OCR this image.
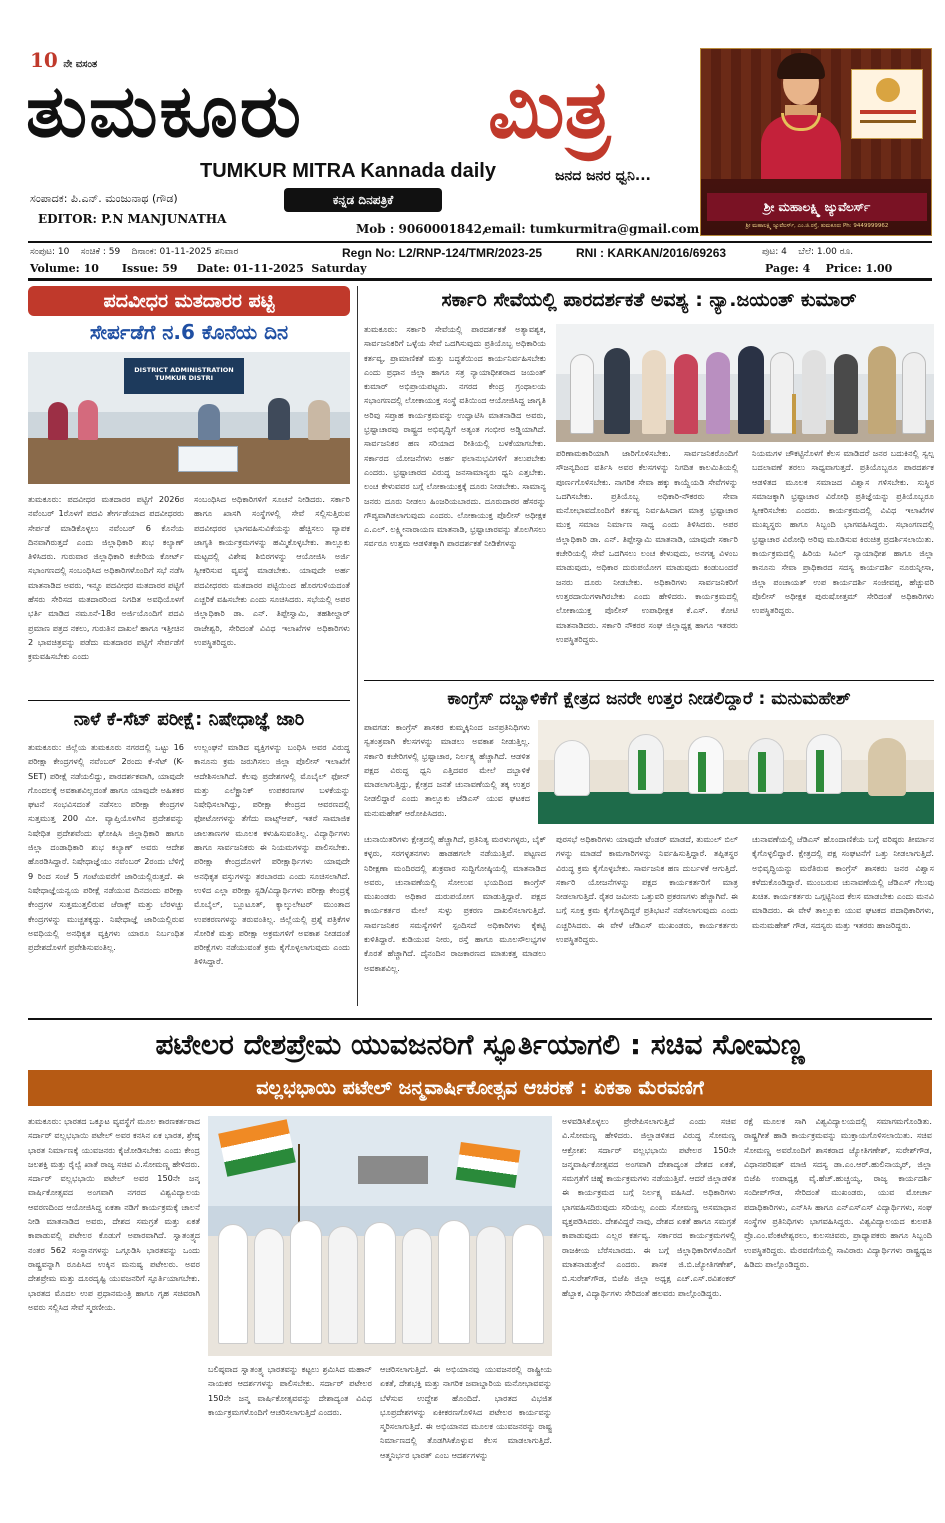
10 ನೇ ವಸಂತ
ತುಮಕೂರು ಮಿತ್ರ
TUMKUR MITRA Kannada daily	ಜನದ ಜನರ ಧ್ವನಿ...
ಸಂಪಾದಕ: ಪಿ.ಎನ್. ಮಂಜುನಾಥ (ಗೌಡ)	ಕನ್ನಡ ದಿನಪತ್ರಿಕೆ
EDITOR: P.N MANJUNATHA
Mob : 9060001842,
email: tumkurmitra@gmail.com
ಶ್ರೀ ಮಹಾಲಕ್ಷ್ಮಿ ಜ್ಯುವೆಲರ್ಸ್
ಶ್ರೀ ಮಹಾಲಕ್ಷ್ಮಿ ಜ್ಯುವೆಲರ್ಸ್, ಎಂ.ಜಿ.ರಸ್ತೆ, ತುಮಕೂರು Ph: 9449999962
ಸಂಪುಟ: 10    ಸಂಚಿಕೆ : 59    ದಿನಾಂಕ: 01-11-2025 ಶನಿವಾರ	Regn No: L2/RNP-124/TMR/2023-25	RNI : KARKAN/2016/69263	ಪುಟ: 4    ಬೆಲೆ: 1.00 ರೂ.
Volume: 10      Issue: 59     Date: 01-11-2025  Saturday	Page: 4    Price: 1.00
ಪದವೀಧರ ಮತದಾರರ ಪಟ್ಟಿ
ಸೇರ್ಪಡೆಗೆ ನ.6 ಕೊನೆಯ ದಿನ
DISTRICT ADMINISTRATION
TUMKUR DISTRI
ತುಮಕೂರು: ಪದವೀಧರ ಮತದಾರರ ಪಟ್ಟಿಗೆ 2026ರ ನವೆಂಬರ್ 1ರೊಳಗೆ ಪದವಿ ತೇರ್ಗಡೆಯಾದ ಪದವೀಧರರು ಸೇರ್ಪಡೆ ಮಾಡಿಕೊಳ್ಳಲು ನವೆಂಬರ್ 6 ಕೊನೆಯ ದಿನವಾಗಿರುತ್ತದೆ ಎಂದು ಜಿಲ್ಲಾಧಿಕಾರಿ ಶುಭ ಕಲ್ಯಾಣ್ ತಿಳಿಸಿದರು. ಗುರುವಾರ ಜಿಲ್ಲಾಧಿಕಾರಿ ಕಚೇರಿಯ ಕೋರ್ಟ್ ಸಭಾಂಗಣದಲ್ಲಿ ಸಂಬಂಧಿಸಿದ ಅಧಿಕಾರಿಗಳೊಂದಿಗೆ ಸಭೆ ನಡೆಸಿ ಮಾತನಾಡಿದ ಅವರು, ಇನ್ನೂ ಪದವೀಧರ ಮತದಾರರ ಪಟ್ಟಿಗೆ ಹೆಸರು ಸೇರಿಸದ ಮತದಾರರಿಂದ ನಿಗದಿತ ಅವಧಿಯೊಳಗೆ ಭರ್ತಿ ಮಾಡಿದ ನಮೂನೆ-18ರ ಅರ್ಜಿಯೊಂದಿಗೆ ಪದವಿ ಪ್ರಮಾಣ ಪತ್ರದ ನಕಲು, ಗುರುತಿನ ದಾಖಲೆ ಹಾಗೂ ಇತ್ತೀಚಿನ 2 ಭಾವಚಿತ್ರವನ್ನು ಪಡೆದು ಮತದಾರರ ಪಟ್ಟಿಗೆ ಸೇರ್ಪಡೆಗೆ ಕ್ರಮವಹಿಸಬೇಕು ಎಂದು
ಸಂಬಂಧಿಸಿದ ಅಧಿಕಾರಿಗಳಿಗೆ ಸೂಚನೆ ನೀಡಿದರು. ಸರ್ಕಾರಿ ಹಾಗೂ ಖಾಸಗಿ ಸಂಸ್ಥೆಗಳಲ್ಲಿ ಸೇವೆ ಸಲ್ಲಿಸುತ್ತಿರುವ ಪದವೀಧರರ ಭಾಗವಹಿಸುವಿಕೆಯನ್ನು ಹೆಚ್ಚಿಸಲು ವ್ಯಾಪಕ ಜಾಗೃತಿ ಕಾರ್ಯಕ್ರಮಗಳನ್ನು ಹಮ್ಮಿಕೊಳ್ಳಬೇಕು. ತಾಲ್ಲೂಕು ಮಟ್ಟದಲ್ಲಿ ವಿಶೇಷ ಶಿಬಿರಗಳನ್ನು ಆಯೋಜಿಸಿ ಅರ್ಜಿ ಸ್ವೀಕರಿಸುವ ವ್ಯವಸ್ಥೆ ಮಾಡಬೇಕು. ಯಾವುದೇ ಅರ್ಹ ಪದವೀಧರರು ಮತದಾರರ ಪಟ್ಟಿಯಿಂದ ಹೊರಗುಳಿಯದಂತೆ ಎಚ್ಚರಿಕೆ ವಹಿಸಬೇಕು ಎಂದು ಸೂಚಿಸಿದರು. ಸಭೆಯಲ್ಲಿ ಅಪರ ಜಿಲ್ಲಾಧಿಕಾರಿ ಡಾ. ಎನ್. ತಿಪ್ಪೇಸ್ವಾಮಿ, ತಹಶೀಲ್ದಾರ್ ರಾಜೇಶ್ವರಿ, ಸೇರಿದಂತೆ ವಿವಿಧ ಇಲಾಖೆಗಳ ಅಧಿಕಾರಿಗಳು ಉಪಸ್ಥಿತರಿದ್ದರು.
ಸರ್ಕಾರಿ ಸೇವೆಯಲ್ಲಿ ಪಾರದರ್ಶಕತೆ ಅವಶ್ಯ : ನ್ಯಾ.ಜಯಂತ್ ಕುಮಾರ್
ತುಮಕೂರು: ಸರ್ಕಾರಿ ಸೇವೆಯಲ್ಲಿ ಪಾರದರ್ಶಕತೆ ಅತ್ಯಾವಶ್ಯಕ, ಸಾರ್ವಜನಿಕರಿಗೆ ಒಳ್ಳೆಯ ಸೇವೆ ಒದಗಿಸುವುದು ಪ್ರತಿಯೊಬ್ಬ ಅಧಿಕಾರಿಯ ಕರ್ತವ್ಯ, ಪ್ರಾಮಾಣಿಕತೆ ಮತ್ತು ಬದ್ಧತೆಯಿಂದ ಕಾರ್ಯನಿರ್ವಹಿಸಬೇಕು ಎಂದು ಪ್ರಧಾನ ಜಿಲ್ಲಾ ಹಾಗೂ ಸತ್ರ ನ್ಯಾಯಾಧೀಶರಾದ ಜಯಂತ್ ಕುಮಾರ್ ಅಭಿಪ್ರಾಯಪಟ್ಟರು. ನಗರದ ಕೇಂದ್ರ ಗ್ರಂಥಾಲಯ ಸಭಾಂಗಣದಲ್ಲಿ ಲೋಕಾಯುಕ್ತ ಸಂಸ್ಥೆ ವತಿಯಿಂದ ಆಯೋಜಿಸಿದ್ದ ಜಾಗೃತಿ ಅರಿವು ಸಪ್ತಾಹ ಕಾರ್ಯಕ್ರಮವನ್ನು ಉದ್ಘಾಟಿಸಿ ಮಾತನಾಡಿದ ಅವರು, ಭ್ರಷ್ಟಾಚಾರವು ರಾಷ್ಟ್ರದ ಅಭಿವೃದ್ಧಿಗೆ ಅತ್ಯಂತ ಗಂಭೀರ ಅಡ್ಡಿಯಾಗಿದೆ. ಸಾರ್ವಜನಿಕರ ಹಣ ಸರಿಯಾದ ರೀತಿಯಲ್ಲಿ ಬಳಕೆಯಾಗಬೇಕು. ಸರ್ಕಾರದ ಯೋಜನೆಗಳು ಅರ್ಹ ಫಲಾನುಭವಿಗಳಿಗೆ ತಲುಪಬೇಕು ಎಂದರು. ಭ್ರಷ್ಟಾಚಾರದ ವಿರುದ್ಧ ಜನಸಾಮಾನ್ಯರು ಧ್ವನಿ ಎತ್ತಬೇಕು. ಲಂಚ ಕೇಳುವವರ ಬಗ್ಗೆ ಲೋಕಾಯುಕ್ತಕ್ಕೆ ದೂರು ನೀಡಬೇಕು. ಸಾಮಾನ್ಯ ಜನರು ದೂರು ನೀಡಲು ಹಿಂಜರಿಯಬಾರದು. ದೂರುದಾರರ ಹೆಸರನ್ನು ಗೌಪ್ಯವಾಗಿಡಲಾಗುವುದು ಎಂದರು. ಲೋಕಾಯುಕ್ತ ಪೊಲೀಸ್ ಅಧೀಕ್ಷಕ ಎ.ಎಲ್. ಲಕ್ಷ್ಮೀನಾರಾಯಣ ಮಾತನಾಡಿ, ಭ್ರಷ್ಟಾಚಾರವನ್ನು ತೊಲಗಿಸಲು ಸರ್ವರೂ ಉತ್ತಮ ಆಡಳಿತಕ್ಕಾಗಿ ಪಾರದರ್ಶಕತೆ ನೀಡಿಕೆಗಳನ್ನು
ಪರಿಣಾಮಕಾರಿಯಾಗಿ ಜಾರಿಗೊಳಿಸಬೇಕು. ಸಾರ್ವಜನಿಕರೊಂದಿಗೆ ಸೌಜನ್ಯದಿಂದ ವರ್ತಿಸಿ ಅವರ ಕೆಲಸಗಳನ್ನು ನಿಗದಿತ ಕಾಲಮಿತಿಯಲ್ಲಿ ಪೂರ್ಣಗೊಳಿಸಬೇಕು. ನಾಗರಿಕ ಸೇವಾ ಹಕ್ಕು ಕಾಯ್ದೆಯಡಿ ಸೇವೆಗಳನ್ನು ಒದಗಿಸಬೇಕು. ಪ್ರತಿಯೊಬ್ಬ ಅಧಿಕಾರಿ-ನೌಕರರು ಸೇವಾ ಮನೋಭಾವದೊಂದಿಗೆ ಕರ್ತವ್ಯ ನಿರ್ವಹಿಸಿದಾಗ ಮಾತ್ರ ಭ್ರಷ್ಟಾಚಾರ ಮುಕ್ತ ಸಮಾಜ ನಿರ್ಮಾಣ ಸಾಧ್ಯ ಎಂದು ತಿಳಿಸಿದರು. ಅಪರ ಜಿಲ್ಲಾಧಿಕಾರಿ ಡಾ. ಎನ್. ತಿಪ್ಪೇಸ್ವಾಮಿ ಮಾತನಾಡಿ, ಯಾವುದೇ ಸರ್ಕಾರಿ ಕಚೇರಿಯಲ್ಲಿ ಸೇವೆ ಒದಗಿಸಲು ಲಂಚ ಕೇಳುವುದು, ಅನಗತ್ಯ ವಿಳಂಬ ಮಾಡುವುದು, ಅಧಿಕಾರ ದುರುಪಯೋಗ ಮಾಡುವುದು ಕಂಡುಬಂದರೆ ಜನರು ದೂರು ನೀಡಬೇಕು. ಅಧಿಕಾರಿಗಳು ಸಾರ್ವಜನಿಕರಿಗೆ ಉತ್ತರದಾಯಿಗಳಾಗಿರಬೇಕು ಎಂದು ಹೇಳಿದರು. ಕಾರ್ಯಕ್ರಮದಲ್ಲಿ ಲೋಕಾಯುಕ್ತ ಪೊಲೀಸ್ ಉಪಾಧೀಕ್ಷಕ ಕೆ.ಎಸ್. ಕೋಟಿ ಮಾತನಾಡಿದರು. ಸರ್ಕಾರಿ ನೌಕರರ ಸಂಘ ಜಿಲ್ಲಾಧ್ಯಕ್ಷ ಹಾಗೂ ಇತರರು ಉಪಸ್ಥಿತರಿದ್ದರು.
ನಿಯಮಗಳ ಚೌಕಟ್ಟಿನೊಳಗೆ ಕೆಲಸ ಮಾಡಿದರೆ ಜನರ ಬದುಕಿನಲ್ಲಿ ಸ್ವಲ್ಪ ಬದಲಾವಣೆ ತರಲು ಸಾಧ್ಯವಾಗುತ್ತದೆ. ಪ್ರತಿಯೊಬ್ಬರೂ ಪಾರದರ್ಶಕ ಆಡಳಿತದ ಮೂಲಕ ಸಮಾಜದ ವಿಶ್ವಾಸ ಗಳಿಸಬೇಕು. ಸುಸ್ಥಿರ ಸಮಾಜಕ್ಕಾಗಿ ಭ್ರಷ್ಟಾಚಾರ ವಿರೋಧಿ ಪ್ರತಿಜ್ಞೆಯನ್ನು ಪ್ರತಿಯೊಬ್ಬರೂ ಸ್ವೀಕರಿಸಬೇಕು ಎಂದರು. ಕಾರ್ಯಕ್ರಮದಲ್ಲಿ ವಿವಿಧ ಇಲಾಖೆಗಳ ಮುಖ್ಯಸ್ಥರು ಹಾಗೂ ಸಿಬ್ಬಂದಿ ಭಾಗವಹಿಸಿದ್ದರು. ಸಭಾಂಗಣದಲ್ಲಿ ಭ್ರಷ್ಟಾಚಾರ ವಿರೋಧಿ ಅರಿವು ಮೂಡಿಸುವ ಕಿರುಚಿತ್ರ ಪ್ರದರ್ಶಿಸಲಾಯಿತು. ಕಾರ್ಯಕ್ರಮದಲ್ಲಿ ಹಿರಿಯ ಸಿವಿಲ್ ನ್ಯಾಯಾಧೀಶ ಹಾಗೂ ಜಿಲ್ಲಾ ಕಾನೂನು ಸೇವಾ ಪ್ರಾಧಿಕಾರದ ಸದಸ್ಯ ಕಾರ್ಯದರ್ಶಿ ನೂರುನ್ನೀಸಾ, ಜಿಲ್ಲಾ ಪಂಚಾಯತ್ ಉಪ ಕಾರ್ಯದರ್ಶಿ ಸಂಜೀವಪ್ಪ, ಹೆಚ್ಚುವರಿ ಪೊಲೀಸ್ ಅಧೀಕ್ಷಕ ಪುರುಷೋತ್ತಮ್ ಸೇರಿದಂತೆ ಅಧಿಕಾರಿಗಳು ಉಪಸ್ಥಿತರಿದ್ದರು.
ನಾಳೆ ಕೆ-ಸೆಟ್ ಪರೀಕ್ಷೆ: ನಿಷೇಧಾಜ್ಞೆ ಜಾರಿ
ತುಮಕೂರು: ಜಿಲ್ಲೆಯ ತುಮಕೂರು ನಗರದಲ್ಲಿ ಒಟ್ಟು 16 ಪರೀಕ್ಷಾ ಕೇಂದ್ರಗಳಲ್ಲಿ ನವೆಂಬರ್ 2ರಂದು ಕೆ-ಸೆಟ್ (K-SET) ಪರೀಕ್ಷೆ ನಡೆಯಲಿದ್ದು, ಪಾರದರ್ಶಕವಾಗಿ, ಯಾವುದೇ ಗೊಂದಲಕ್ಕೆ ಅವಕಾಶವಿಲ್ಲದಂತೆ ಹಾಗೂ ಯಾವುದೇ ಅಹಿತಕರ ಘಟನೆ ಸಂಭವಿಸದಂತೆ ನಡೆಸಲು ಪರೀಕ್ಷಾ ಕೇಂದ್ರಗಳ ಸುತ್ತಮುತ್ತ 200 ಮೀ. ವ್ಯಾಪ್ತಿಯೊಳಗಿನ ಪ್ರದೇಶವನ್ನು ನಿಷೇಧಿತ ಪ್ರದೇಶವೆಂದು ಘೋಷಿಸಿ ಜಿಲ್ಲಾಧಿಕಾರಿ ಹಾಗೂ ಜಿಲ್ಲಾ ದಂಡಾಧಿಕಾರಿ ಶುಭ ಕಲ್ಯಾಣ್ ಅವರು ಆದೇಶ ಹೊರಡಿಸಿದ್ದಾರೆ. ನಿಷೇಧಾಜ್ಞೆಯು ನವೆಂಬರ್ 2ರಂದು ಬೆಳಿಗ್ಗೆ 9 ರಿಂದ ಸಂಜೆ 5 ಗಂಟೆಯವರೆಗೆ ಜಾರಿಯಲ್ಲಿರುತ್ತದೆ. ಈ ನಿಷೇಧಾಜ್ಞೆಯನ್ವಯ ಪರೀಕ್ಷೆ ನಡೆಯುವ ದಿನದಂದು ಪರೀಕ್ಷಾ ಕೇಂದ್ರಗಳ ಸುತ್ತಮುತ್ತಲಿರುವ ಜೆರಾಕ್ಸ್ ಮತ್ತು ಬೆರಳಚ್ಚು ಕೇಂದ್ರಗಳನ್ನು ಮುಚ್ಚತಕ್ಕದ್ದು. ನಿಷೇಧಾಜ್ಞೆ ಜಾರಿಯಲ್ಲಿರುವ ಅವಧಿಯಲ್ಲಿ ಅನಧಿಕೃತ ವ್ಯಕ್ತಿಗಳು ಯಾರೂ ನಿರ್ಬಂಧಿತ ಪ್ರದೇಶದೊಳಗೆ ಪ್ರವೇಶಿಸುವಂತಿಲ್ಲ.
ಉಲ್ಲಂಘನೆ ಮಾಡಿದ ವ್ಯಕ್ತಿಗಳನ್ನು ಬಂಧಿಸಿ ಅವರ ವಿರುದ್ಧ ಕಾನೂನು ಕ್ರಮ ಜರುಗಿಸಲು ಜಿಲ್ಲಾ ಪೊಲೀಸ್ ಇಲಾಖೆಗೆ ಆದೇಶಿಸಲಾಗಿದೆ. ಕೆಲವು ಪ್ರದೇಶಗಳಲ್ಲಿ ಮೊಬೈಲ್ ಫೋನ್ ಮತ್ತು ಎಲೆಕ್ಟ್ರಾನಿಕ್ ಉಪಕರಣಗಳ ಬಳಕೆಯನ್ನು ನಿಷೇಧಿಸಲಾಗಿದ್ದು, ಪರೀಕ್ಷಾ ಕೇಂದ್ರದ ಆವರಣದಲ್ಲಿ ಫೋಟೋಗಳನ್ನು ತೆಗೆದು ವಾಟ್ಸ್‌ಆಪ್, ಇತರೆ ಸಾಮಾಜಿಕ ಜಾಲತಾಣಗಳ ಮೂಲಕ ಕಳುಹಿಸುವಂತಿಲ್ಲ. ವಿದ್ಯಾರ್ಥಿಗಳು ಹಾಗೂ ಸಾರ್ವಜನಿಕರು ಈ ನಿಯಮಗಳನ್ನು ಪಾಲಿಸಬೇಕು. ಪರೀಕ್ಷಾ ಕೇಂದ್ರದೊಳಗೆ ಪರೀಕ್ಷಾರ್ಥಿಗಳು ಯಾವುದೇ ಅನಧಿಕೃತ ವಸ್ತುಗಳನ್ನು ತರಬಾರದು ಎಂದು ಸೂಚಿಸಲಾಗಿದೆ. ಉಳಿದ ಎಲ್ಲಾ ಪರೀಕ್ಷಾ ಸ್ಟಡಿ/ವಿದ್ಯಾರ್ಥಿಗಳು ಪರೀಕ್ಷಾ ಕೇಂದ್ರಕ್ಕೆ ಮೊಬೈಲ್, ಬ್ಲೂಟೂತ್, ಕ್ಯಾಲ್ಕುಲೇಟರ್ ಮುಂತಾದ ಉಪಕರಣಗಳನ್ನು ತರುವಂತಿಲ್ಲ. ಜಿಲ್ಲೆಯಲ್ಲಿ ಪ್ರಶ್ನೆ ಪತ್ರಿಕೆಗಳ ಸೋರಿಕೆ ಮತ್ತು ಪರೀಕ್ಷಾ ಅಕ್ರಮಗಳಿಗೆ ಅವಕಾಶ ನೀಡದಂತೆ ಪರೀಕ್ಷೆಗಳು ನಡೆಯುವಂತೆ ಕ್ರಮ ಕೈಗೊಳ್ಳಲಾಗುವುದು ಎಂದು ತಿಳಿಸಿದ್ದಾರೆ.
ಕಾಂಗ್ರೆಸ್ ದಬ್ಬಾಳಿಕೆಗೆ ಕ್ಷೇತ್ರದ ಜನರೇ ಉತ್ತರ ನೀಡಲಿದ್ದಾರೆ : ಮನುಮಹೇಶ್
ಪಾವಗಡ: ಕಾಂಗ್ರೆಸ್ ಶಾಸಕರ ಕುಮ್ಮಕ್ಕಿನಿಂದ ಜನಪ್ರತಿನಿಧಿಗಳು ಸ್ವತಂತ್ರವಾಗಿ ಕೆಲಸಗಳನ್ನು ಮಾಡಲು ಅವಕಾಶ ನೀಡುತ್ತಿಲ್ಲ. ಸರ್ಕಾರಿ ಕಚೇರಿಗಳಲ್ಲಿ ಭ್ರಷ್ಟಾಚಾರ, ನಿರ್ಲಕ್ಷ್ಯ ಹೆಚ್ಚಾಗಿದೆ. ಆಡಳಿತ ಪಕ್ಷದ ವಿರುದ್ಧ ಧ್ವನಿ ಎತ್ತಿದವರ ಮೇಲೆ ದಬ್ಬಾಳಿಕೆ ಮಾಡಲಾಗುತ್ತಿದ್ದು, ಕ್ಷೇತ್ರದ ಜನತೆ ಚುನಾವಣೆಯಲ್ಲಿ ತಕ್ಕ ಉತ್ತರ ನೀಡಲಿದ್ದಾರೆ ಎಂದು ತಾಲ್ಲೂಕು ಜೆಡಿಎಸ್ ಯುವ ಘಟಕದ ಮನುಮಹೇಶ್ ಆರೋಪಿಸಿದರು.
ಚುನಾಯಿತರಿಗಳು ಕ್ಷೇತ್ರದಲ್ಲಿ ಹೆಚ್ಚಾಗಿದೆ, ಪ್ರತಿನಿತ್ಯ ಮರಳುಗಳ್ಳರು, ಬೈಕ್ ಕಳ್ಳರು, ಸರಗಳ್ಳತನಗಳು ಹಾಡಹಗಲೇ ನಡೆಯುತ್ತಿವೆ. ಪಟ್ಟಣದ ನಿರೀಕ್ಷಣಾ ಮಂದಿರದಲ್ಲಿ ಶುಕ್ರವಾರ ಸುದ್ದಿಗೋಷ್ಠಿಯಲ್ಲಿ ಮಾತನಾಡಿದ ಅವರು, ಚುನಾವಣೆಯಲ್ಲಿ ಸೋಲುವ ಭಯದಿಂದ ಕಾಂಗ್ರೆಸ್ ಮುಖಂಡರು ಅಧಿಕಾರ ದುರುಪಯೋಗ ಮಾಡುತ್ತಿದ್ದಾರೆ. ಪಕ್ಷದ ಕಾರ್ಯಕರ್ತರ ಮೇಲೆ ಸುಳ್ಳು ಪ್ರಕರಣ ದಾಖಲಿಸಲಾಗುತ್ತಿದೆ. ಸಾರ್ವಜನಿಕರ ಸಮಸ್ಯೆಗಳಿಗೆ ಸ್ಪಂದಿಸದೆ ಅಧಿಕಾರಿಗಳು ಕೈಕಟ್ಟಿ ಕುಳಿತಿದ್ದಾರೆ. ಕುಡಿಯುವ ನೀರು, ರಸ್ತೆ ಹಾಗೂ ಮೂಲಸೌಲಭ್ಯಗಳ ಕೊರತೆ ಹೆಚ್ಚಾಗಿದೆ. ದೈನಂದಿನ ರಾಜಕಾರಣದ ಮಾತುಕತ್ತ ಮಾಡಲು ಅವಕಾಶವಿಲ್ಲ.
ಪುರಸಭೆ ಅಧಿಕಾರಿಗಳು ಯಾವುದೇ ಟೆಂಡರ್ ಮಾಡದೆ, ತುಮುಲ್ ಬಿಲ್ ಗಳನ್ನು ಮಾಡದೆ ಕಾಮಗಾರಿಗಳನ್ನು ನಿರ್ವಹಿಸುತ್ತಿದ್ದಾರೆ. ತಪ್ಪಿತಸ್ಥರ ವಿರುದ್ಧ ಕ್ರಮ ಕೈಗೊಳ್ಳಬೇಕು. ಸಾರ್ವಜನಿಕ ಹಣ ದುರ್ಬಳಕೆ ಆಗುತ್ತಿದೆ. ಸರ್ಕಾರಿ ಯೋಜನೆಗಳನ್ನು ಪಕ್ಷದ ಕಾರ್ಯಕರ್ತರಿಗೆ ಮಾತ್ರ ನೀಡಲಾಗುತ್ತಿದೆ. ರೈತರ ಜಮೀನು ಒತ್ತುವರಿ ಪ್ರಕರಣಗಳು ಹೆಚ್ಚಾಗಿವೆ. ಈ ಬಗ್ಗೆ ಸೂಕ್ತ ಕ್ರಮ ಕೈಗೊಳ್ಳದಿದ್ದರೆ ಪ್ರತಿಭಟನೆ ನಡೆಸಲಾಗುವುದು ಎಂದು ಎಚ್ಚರಿಸಿದರು. ಈ ವೇಳೆ ಜೆಡಿಎಸ್ ಮುಖಂಡರು, ಕಾರ್ಯಕರ್ತರು ಉಪಸ್ಥಿತರಿದ್ದರು.
ಚುನಾವಣೆಯಲ್ಲಿ ಜೆಡಿಎಸ್ ಹೊಂದಾಣಿಕೆಯ ಬಗ್ಗೆ ವರಿಷ್ಠರು ತೀರ್ಮಾನ ಕೈಗೊಳ್ಳಲಿದ್ದಾರೆ. ಕ್ಷೇತ್ರದಲ್ಲಿ ಪಕ್ಷ ಸಂಘಟನೆಗೆ ಒತ್ತು ನೀಡಲಾಗುತ್ತಿದೆ. ಅಭಿವೃದ್ಧಿಯನ್ನು ಮರೆತಿರುವ ಕಾಂಗ್ರೆಸ್ ಶಾಸಕರು ಜನರ ವಿಶ್ವಾಸ ಕಳೆದುಕೊಂಡಿದ್ದಾರೆ. ಮುಂಬರುವ ಚುನಾವಣೆಯಲ್ಲಿ ಜೆಡಿಎಸ್ ಗೆಲುವು ಖಚಿತ. ಕಾರ್ಯಕರ್ತರು ಒಗ್ಗಟ್ಟಿನಿಂದ ಕೆಲಸ ಮಾಡಬೇಕು ಎಂದು ಮನವಿ ಮಾಡಿದರು. ಈ ವೇಳೆ ತಾಲ್ಲೂಕು ಯುವ ಘಟಕದ ಪದಾಧಿಕಾರಿಗಳು, ಮನುಮಹೇಶ್ ಗೌಡ, ಸದಸ್ಯರು ಮತ್ತು ಇತರರು ಹಾಜರಿದ್ದರು.
ಪಟೇಲರ ದೇಶಪ್ರೇಮ ಯುವಜನರಿಗೆ ಸ್ಫೂರ್ತಿಯಾಗಲಿ : ಸಚಿವ ಸೋಮಣ್ಣ
ವಲ್ಲಭಭಾಯಿ ಪಟೇಲ್ ಜನ್ಮವಾರ್ಷಿಕೋತ್ಸವ ಆಚರಣೆ : ಏಕತಾ ಮೆರವಣಿಗೆ
ತುಮಕೂರು: ಭಾರತದ ಒಕ್ಕೂಟ ವ್ಯವಸ್ಥೆಗೆ ಮೂಲ ಕಾರಣಕರ್ತರಾದ ಸರ್ದಾರ್ ವಲ್ಲಭಭಾಯಿ ಪಟೇಲ್ ಅವರ ಕನಸಿನ ಏಕ ಭಾರತ, ಶ್ರೇಷ್ಠ ಭಾರತ ನಿರ್ಮಾಣಕ್ಕೆ ಯುವಜನರು ಕೈಜೋಡಿಸಬೇಕು ಎಂದು ಕೇಂದ್ರ ಜಲಶಕ್ತಿ ಮತ್ತು ರೈಲ್ವೆ ಖಾತೆ ರಾಜ್ಯ ಸಚಿವ ವಿ.ಸೋಮಣ್ಣ ಹೇಳಿದರು. ಸರ್ದಾರ್ ವಲ್ಲಭಭಾಯಿ ಪಟೇಲ್ ಅವರ 150ನೇ ಜನ್ಮ ವಾರ್ಷಿಕೋತ್ಸವದ ಅಂಗವಾಗಿ ನಗರದ ವಿಶ್ವವಿದ್ಯಾಲಯ ಆವರಣದಿಂದ ಆಯೋಜಿಸಿದ್ದ ಏಕತಾ ನಡಿಗೆ ಕಾರ್ಯಕ್ರಮಕ್ಕೆ ಚಾಲನೆ ನೀಡಿ ಮಾತನಾಡಿದ ಅವರು, ದೇಶದ ಸಮಗ್ರತೆ ಮತ್ತು ಏಕತೆ ಕಾಪಾಡುವಲ್ಲಿ ಪಟೇಲರ ಕೊಡುಗೆ ಅಪಾರವಾಗಿದೆ. ಸ್ವಾತಂತ್ರ್ಯದ ನಂತರ 562 ಸಂಸ್ಥಾನಗಳನ್ನು ಒಗ್ಗೂಡಿಸಿ ಭಾರತವನ್ನು ಒಂದು ರಾಷ್ಟ್ರವನ್ನಾಗಿ ರೂಪಿಸಿದ ಉಕ್ಕಿನ ಮನುಷ್ಯ ಪಟೇಲರು. ಅವರ ದೇಶಪ್ರೇಮ ಮತ್ತು ದೂರದೃಷ್ಟಿ ಯುವಜನರಿಗೆ ಸ್ಫೂರ್ತಿಯಾಗಬೇಕು. ಭಾರತದ ಮೊದಲ ಉಪ ಪ್ರಧಾನಮಂತ್ರಿ ಹಾಗೂ ಗೃಹ ಸಚಿವರಾಗಿ ಅವರು ಸಲ್ಲಿಸಿದ ಸೇವೆ ಸ್ಮರಣೀಯ.
ಬಲಿಷ್ಠವಾದ ಸ್ವಾತಂತ್ರ್ಯ ಭಾರತವನ್ನು ಕಟ್ಟಲು ಶ್ರಮಿಸಿದ ಮಹಾನ್ ನಾಯಕರ ಆದರ್ಶಗಳನ್ನು ಪಾಲಿಸಬೇಕು. ಸರ್ದಾರ್ ಪಟೇಲರ 150ನೇ ಜನ್ಮ ವಾರ್ಷಿಕೋತ್ಸವವನ್ನು ದೇಶಾದ್ಯಂತ ವಿವಿಧ ಕಾರ್ಯಕ್ರಮಗಳೊಂದಿಗೆ ಆಚರಿಸಲಾಗುತ್ತಿದೆ ಎಂದರು.
ಆಚರಿಸಲಾಗುತ್ತಿದೆ. ಈ ಅಭಿಯಾನವು ಯುವಜನರಲ್ಲಿ ರಾಷ್ಟ್ರೀಯ ಏಕತೆ, ದೇಶಭಕ್ತಿ ಮತ್ತು ನಾಗರಿಕ ಜವಾಬ್ದಾರಿಯ ಮನೋಭಾವವನ್ನು ಬೆಳೆಸುವ ಉದ್ದೇಶ ಹೊಂದಿದೆ. ಭಾರತದ ವಿಭಜಿತ ಭೂಪ್ರದೇಶಗಳನ್ನು ಏಕೀಕರಣಗೊಳಿಸಿದ ಪಟೇಲರ ಕಾರ್ಯವನ್ನು ಸ್ಮರಿಸಲಾಗುತ್ತಿದೆ. ಈ ಅಭಿಯಾನದ ಮೂಲಕ ಯುವಜನರನ್ನು ರಾಷ್ಟ್ರ ನಿರ್ಮಾಣದಲ್ಲಿ ತೊಡಗಿಸಿಕೊಳ್ಳುವ ಕೆಲಸ ಮಾಡಲಾಗುತ್ತಿದೆ. ಆತ್ಮನಿರ್ಭರ ಭಾರತ್ ಎಂಬ ಆದರ್ಶಗಳನ್ನು
ಅಳವಡಿಸಿಕೊಳ್ಳಲು ಪ್ರೇರೇಪಿಸಲಾಗುತ್ತಿದೆ ಎಂದು ಸಚಿವ ವಿ.ಸೋಮಣ್ಣ ಹೇಳಿದರು. ಜಿಲ್ಲಾಡಳಿತದ ವಿರುದ್ಧ ಸೋಮಣ್ಣ ಆಕ್ರೋಶ: ಸರ್ದಾರ್ ವಲ್ಲಭಭಾಯಿ ಪಟೇಲರ 150ನೇ ಜನ್ಮವಾರ್ಷಿಕೋತ್ಸವದ ಅಂಗವಾಗಿ ದೇಶಾದ್ಯಂತ ದೇಶದ ಏಕತೆ, ಸಮಗ್ರತೆಗೆ ಚಿಹ್ನೆ ಕಾರ್ಯಕ್ರಮಗಳು ನಡೆಯುತ್ತಿವೆ. ಆದರೆ ಜಿಲ್ಲಾಡಳಿತ ಈ ಕಾರ್ಯಕ್ರಮದ ಬಗ್ಗೆ ನಿರ್ಲಕ್ಷ್ಯ ವಹಿಸಿದೆ. ಅಧಿಕಾರಿಗಳು ಭಾಗವಹಿಸದಿರುವುದು ಸರಿಯಲ್ಲ ಎಂದು ಸೋಮಣ್ಣ ಅಸಮಾಧಾನ ವ್ಯಕ್ತಪಡಿಸಿದರು. ದೇಶವಿದ್ದರೆ ನಾವು, ದೇಶದ ಏಕತೆ ಹಾಗೂ ಸಮಗ್ರತೆ ಕಾಪಾಡುವುದು ಎಲ್ಲರ ಕರ್ತವ್ಯ. ಸರ್ಕಾರದ ಕಾರ್ಯಕ್ರಮಗಳಲ್ಲಿ ರಾಜಕೀಯ ಬೆರೆಸಬಾರದು. ಈ ಬಗ್ಗೆ ಜಿಲ್ಲಾಧಿಕಾರಿಗಳೊಂದಿಗೆ ಮಾತನಾಡುತ್ತೇನೆ ಎಂದರು. ಶಾಸಕ ಜಿ.ಬಿ.ಜ್ಯೋತಿಗಣೇಶ್, ಬಿ.ಸುರೇಶ್‌ಗೌಡ, ಬಿಜೆಪಿ ಜಿಲ್ಲಾ ಅಧ್ಯಕ್ಷ ಎಚ್.ಎಸ್.ರವಿಶಂಕರ್ ಹೆಬ್ಬಾಕ, ವಿದ್ಯಾರ್ಥಿಗಳು ಸೇರಿದಂತೆ ಹಲವರು ಪಾಲ್ಗೊಂಡಿದ್ದರು.
ರಕ್ಷೆ ಮೂಲಕ ಸಾಗಿ ವಿಶ್ವವಿದ್ಯಾಲಯದಲ್ಲಿ ಸಮಾಗಮಗೊಂಡಿತು. ರಾಷ್ಟ್ರಗೀತೆ ಹಾಡಿ ಕಾರ್ಯಕ್ರಮವನ್ನು ಮುಕ್ತಾಯಗೊಳಿಸಲಾಯಿತು. ಸಚಿವ ಸೋಮಣ್ಣ ಅವರೊಂದಿಗೆ ಶಾಸಕರಾದ ಜ್ಯೋತಿಗಣೇಶ್, ಸುರೇಶ್‌ಗೌಡ, ವಿಧಾನಪರಿಷತ್ ಮಾಜಿ ಸದಸ್ಯ ಡಾ.ಎಂ.ಆರ್.ಹುಲಿನಾಯ್ಕರ್, ಜಿಲ್ಲಾ ಬಿಜೆಪಿ ಉಪಾಧ್ಯಕ್ಷ ವೈ.ಹೆಚ್.ಹುಚ್ಚಯ್ಯ, ರಾಜ್ಯ ಕಾರ್ಯದರ್ಶಿ ಸಂದೀಪ್‌ಗೌಡ, ಸೇರಿದಂತೆ ಮುಖಂಡರು, ಯುವ ಮೋರ್ಚಾ ಪದಾಧಿಕಾರಿಗಳು, ಎನ್‌ಸಿಸಿ ಹಾಗೂ ಎನ್‌ಎಸ್‌ಎಸ್ ವಿದ್ಯಾರ್ಥಿಗಳು, ಸಂಘ ಸಂಸ್ಥೆಗಳ ಪ್ರತಿನಿಧಿಗಳು ಭಾಗವಹಿಸಿದ್ದರು. ವಿಶ್ವವಿದ್ಯಾಲಯದ ಕುಲಪತಿ ಪ್ರೊ.ಎಂ.ವೆಂಕಟೇಶ್ವರಲು, ಕುಲಸಚಿವರು, ಪ್ರಾಧ್ಯಾಪಕರು ಹಾಗೂ ಸಿಬ್ಬಂದಿ ಉಪಸ್ಥಿತರಿದ್ದರು. ಮೆರವಣಿಗೆಯಲ್ಲಿ ಸಾವಿರಾರು ವಿದ್ಯಾರ್ಥಿಗಳು ರಾಷ್ಟ್ರಧ್ವಜ ಹಿಡಿದು ಪಾಲ್ಗೊಂಡಿದ್ದರು.
